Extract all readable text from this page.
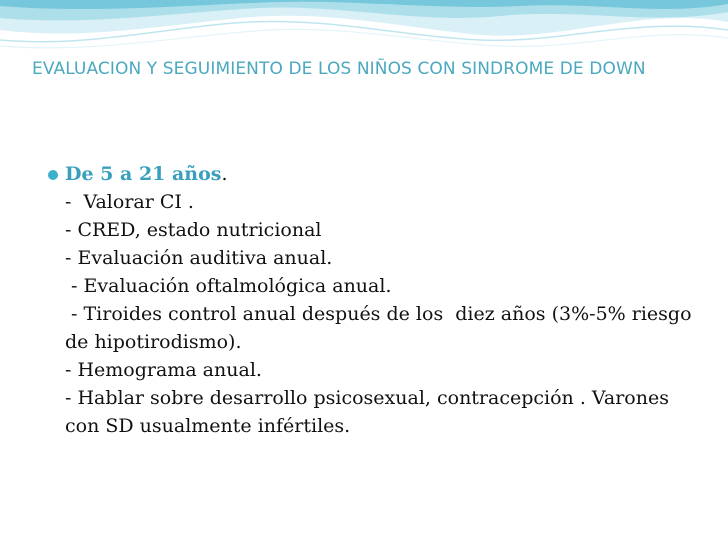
EVALUACION Y SEGUIMIENTO DE LOS NIÑOS CON SINDROME DE DOWN
De 5 a 21 años.
-  Valorar CI .
- CRED, estado nutricional
- Evaluación auditiva anual.
- Evaluación oftalmológica anual.
- Tiroides control anual después de los  diez años (3%-5% riesgo de hipotirodismo).
- Hemograma anual.
- Hablar sobre desarrollo psicosexual, contracepción . Varones con SD usualmente infértiles.
